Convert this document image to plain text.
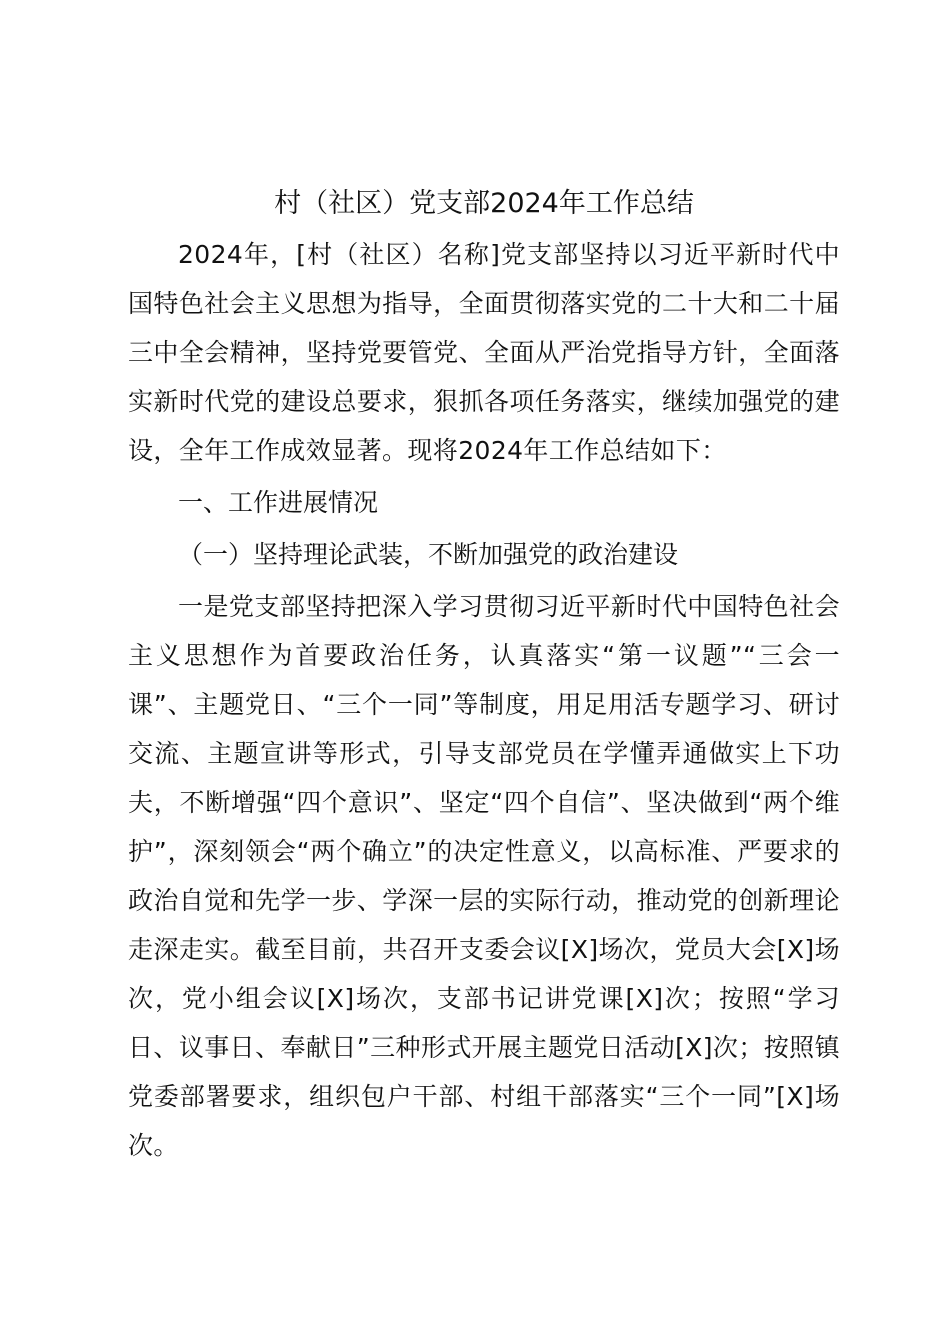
村（社区）党支部2024年工作总结

2024年，[村（社区）名称]党支部坚持以习近平新时代中国特色社会主义思想为指导，全面贯彻落实党的二十大和二十届三中全会精神，坚持党要管党、全面从严治党指导方针，全面落实新时代党的建设总要求，狠抓各项任务落实，继续加强党的建设，全年工作成效显著。现将2024年工作总结如下：

一、工作进展情况

（一）坚持理论武装，不断加强党的政治建设

一是党支部坚持把深入学习贯彻习近平新时代中国特色社会主义思想作为首要政治任务，认真落实“第一议题”“三会一课”、主题党日、“三个一同”等制度，用足用活专题学习、研讨交流、主题宣讲等形式，引导支部党员在学懂弄通做实上下功夫，不断增强“四个意识”、坚定“四个自信”、坚决做到“两个维护”，深刻领会“两个确立”的决定性意义，以高标准、严要求的政治自觉和先学一步、学深一层的实际行动，推动党的创新理论走深走实。截至目前，共召开支委会议[X]场次，党员大会[X]场次，党小组会议[X]场次，支部书记讲党课[X]次；按照“学习日、议事日、奉献日”三种形式开展主题党日活动[X]次；按照镇党委部署要求，组织包户干部、村组干部落实“三个一同”[X]场次。
